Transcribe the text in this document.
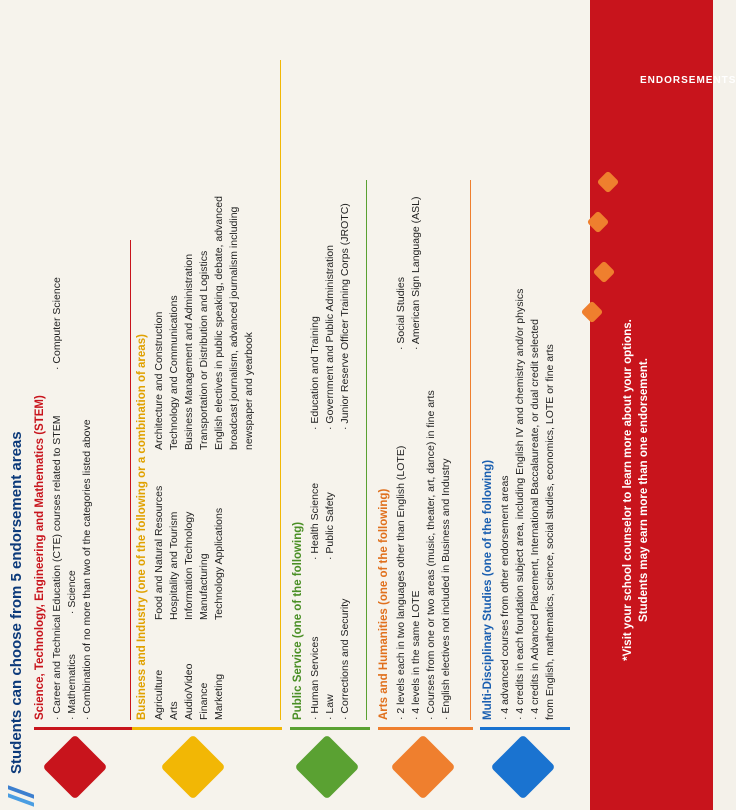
Students can choose from 5 endorsement areas Science, Technology, Engineering and Mathematics (STEM) · Career and Technical Education (CTE) courses related to STEM · Mathematics· Science · Combination of no more than two of the categories listed above
· Computer Science
Business and Industry (one of the following or a combination of areas) Agriculture Arts Audio/Video Finance Marketing
Food and Natural Resources Hospitality and Tourism Information Technology Manufacturing Technology Applications
Architecture and Construction Technology and Communications Business Management and Administration Transportation or Distribution and Logistics English electives in public speaking, debate, advanced broadcast journalism, advanced journalism including newspaper and yearbook
Public Service (one of the following) · Human Services · Law · Corrections and Security
· Health Science · Public Safety
· Education and Training · Government and Public Administration · Junior Reserve Officer Training Corps (JROTC)
Arts and Humanities (one of the following) · 2 levels each in two languages other than English (LOTE) · 4 levels in the same LOTE · Courses from one or two areas (music, theater, art, dance) in fine arts · English electives not included in Business and Industry
· Social Studies · American Sign Language (ASL)
Multi-Disciplinary Studies (one of the following) · 4 advanced courses from other endorsement areas · 4 credits in each foundation subject area, including English IV and chemistry and/or physics · 4 credits in Advanced Placement, International Baccalaureate, or dual credit selected from English, mathematics, science, social studies, economics, LOTE or fine arts	*Visit your school counselor to learn more about your options. Students may earn more than one endorsement.
ENDORSEMENTS
